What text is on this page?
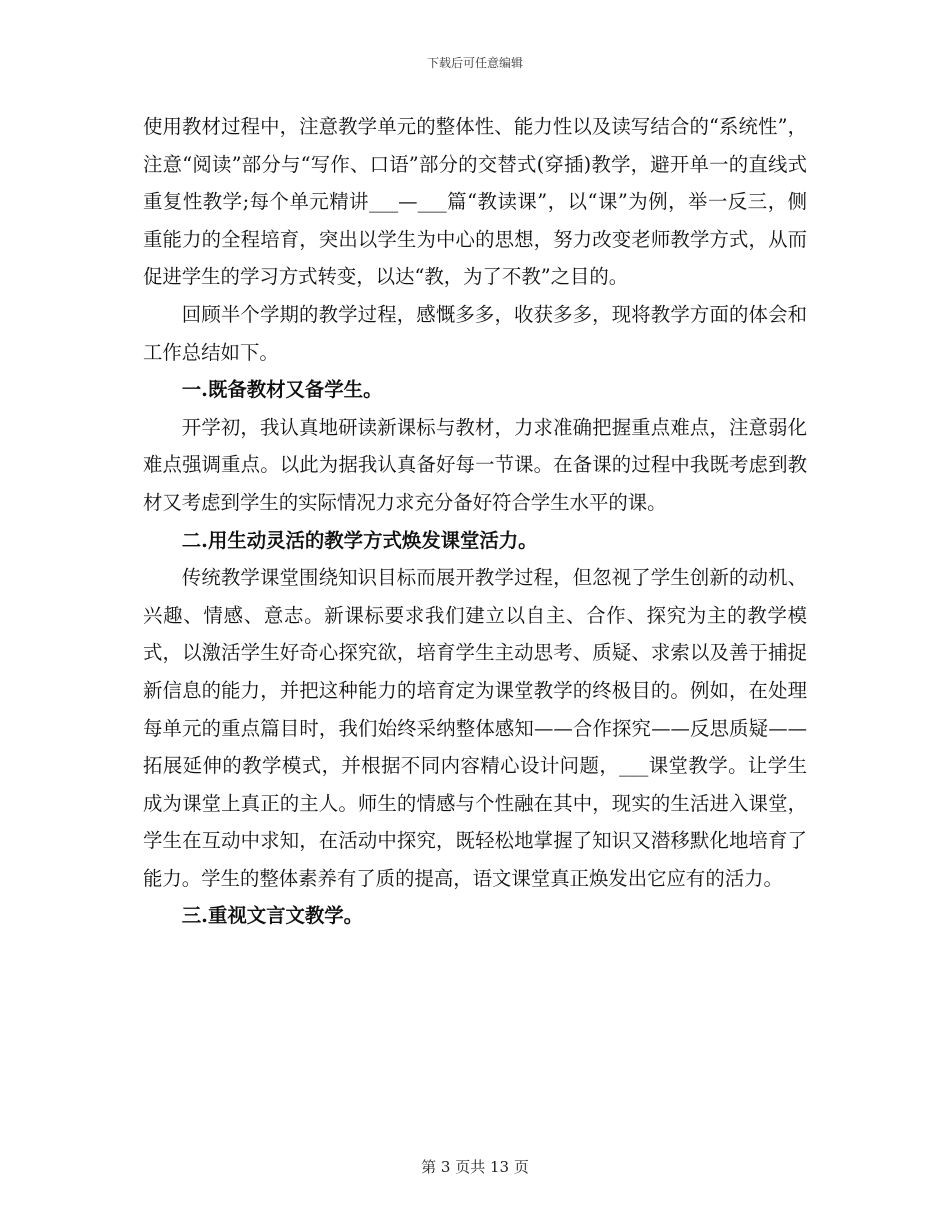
下载后可任意编辑

使用教材过程中，注意教学单元的整体性、能力性以及读写结合的“系统性”，注意“阅读”部分与“写作、口语”部分的交替式(穿插)教学，避开单一的直线式重复性教学;每个单元精讲___—___篇“教读课”，以“课”为例，举一反三，侧重能力的全程培育，突出以学生为中心的思想，努力改变老师教学方式，从而促进学生的学习方式转变，以达“教，为了不教”之目的。

回顾半个学期的教学过程，感慨多多，收获多多，现将教学方面的体会和工作总结如下。

一.既备教材又备学生。

开学初，我认真地研读新课标与教材，力求准确把握重点难点，注意弱化难点强调重点。以此为据我认真备好每一节课。在备课的过程中我既考虑到教材又考虑到学生的实际情况力求充分备好符合学生水平的课。

二.用生动灵活的教学方式焕发课堂活力。

传统教学课堂围绕知识目标而展开教学过程，但忽视了学生创新的动机、兴趣、情感、意志。新课标要求我们建立以自主、合作、探究为主的教学模式，以激活学生好奇心探究欲，培育学生主动思考、质疑、求索以及善于捕捉新信息的能力，并把这种能力的培育定为课堂教学的终极目的。例如，在处理每单元的重点篇目时，我们始终采纳整体感知——合作探究——反思质疑——拓展延伸的教学模式，并根据不同内容精心设计问题，___课堂教学。让学生成为课堂上真正的主人。师生的情感与个性融在其中，现实的生活进入课堂，学生在互动中求知，在活动中探究，既轻松地掌握了知识又潜移默化地培育了能力。学生的整体素养有了质的提高，语文课堂真正焕发出它应有的活力。

三.重视文言文教学。

第 3 页共 13 页
